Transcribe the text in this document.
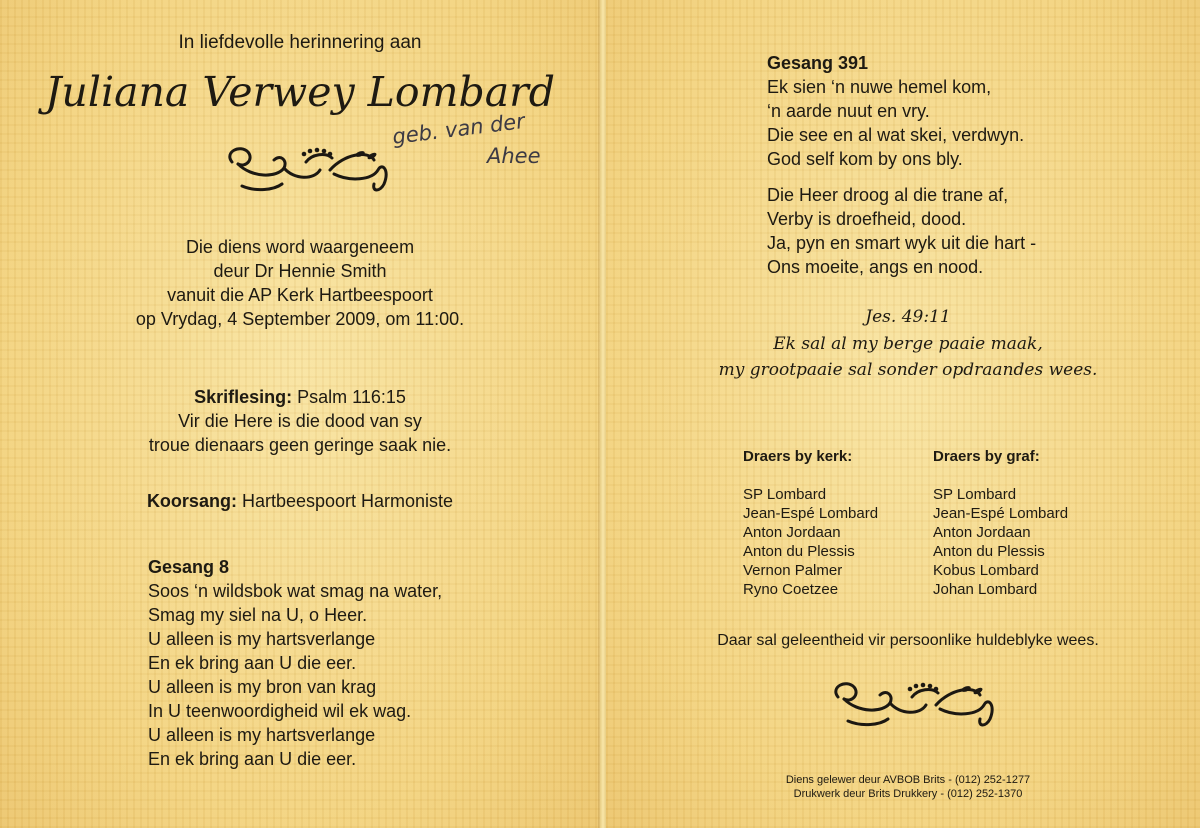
In liefdevolle herinnering aan
Juliana Verwey Lombard
geb. van der
Ahee
Die diens word waargeneem
deur Dr Hennie Smith
vanuit die AP Kerk Hartbeespoort
op Vrydag, 4 September 2009, om 11:00.
Skriflesing: Psalm 116:15
Vir die Here is die dood van sy
troue dienaars geen geringe saak nie.
Koorsang: Hartbeespoort Harmoniste
Gesang 8
Soos ‘n wildsbok wat smag na water,
Smag my siel na U, o Heer.
U alleen is my hartsverlange
En ek bring aan U die eer.
U alleen is my bron van krag
In U teenwoordigheid wil ek wag.
U alleen is my hartsverlange
En ek bring aan U die eer.
Gesang 391
Ek sien ‘n nuwe hemel kom,
‘n aarde nuut en vry.
Die see en al wat skei, verdwyn.
God self kom by ons bly.
Die Heer droog al die trane af,
Verby is droefheid, dood.
Ja, pyn en smart wyk uit die hart -
Ons moeite, angs en nood.
Jes. 49:11
Ek sal al my berge paaie maak,
my grootpaaie sal sonder opdraandes wees.
Draers by kerk:
SP Lombard
Jean-Espé Lombard
Anton Jordaan
Anton du Plessis
Vernon Palmer
Ryno Coetzee
Draers by graf:
SP Lombard
Jean-Espé Lombard
Anton Jordaan
Anton du Plessis
Kobus Lombard
Johan Lombard
Daar sal geleentheid vir persoonlike huldeblyke wees.
Diens gelewer deur AVBOB Brits - (012) 252-1277
Drukwerk deur Brits Drukkery - (012) 252-1370
